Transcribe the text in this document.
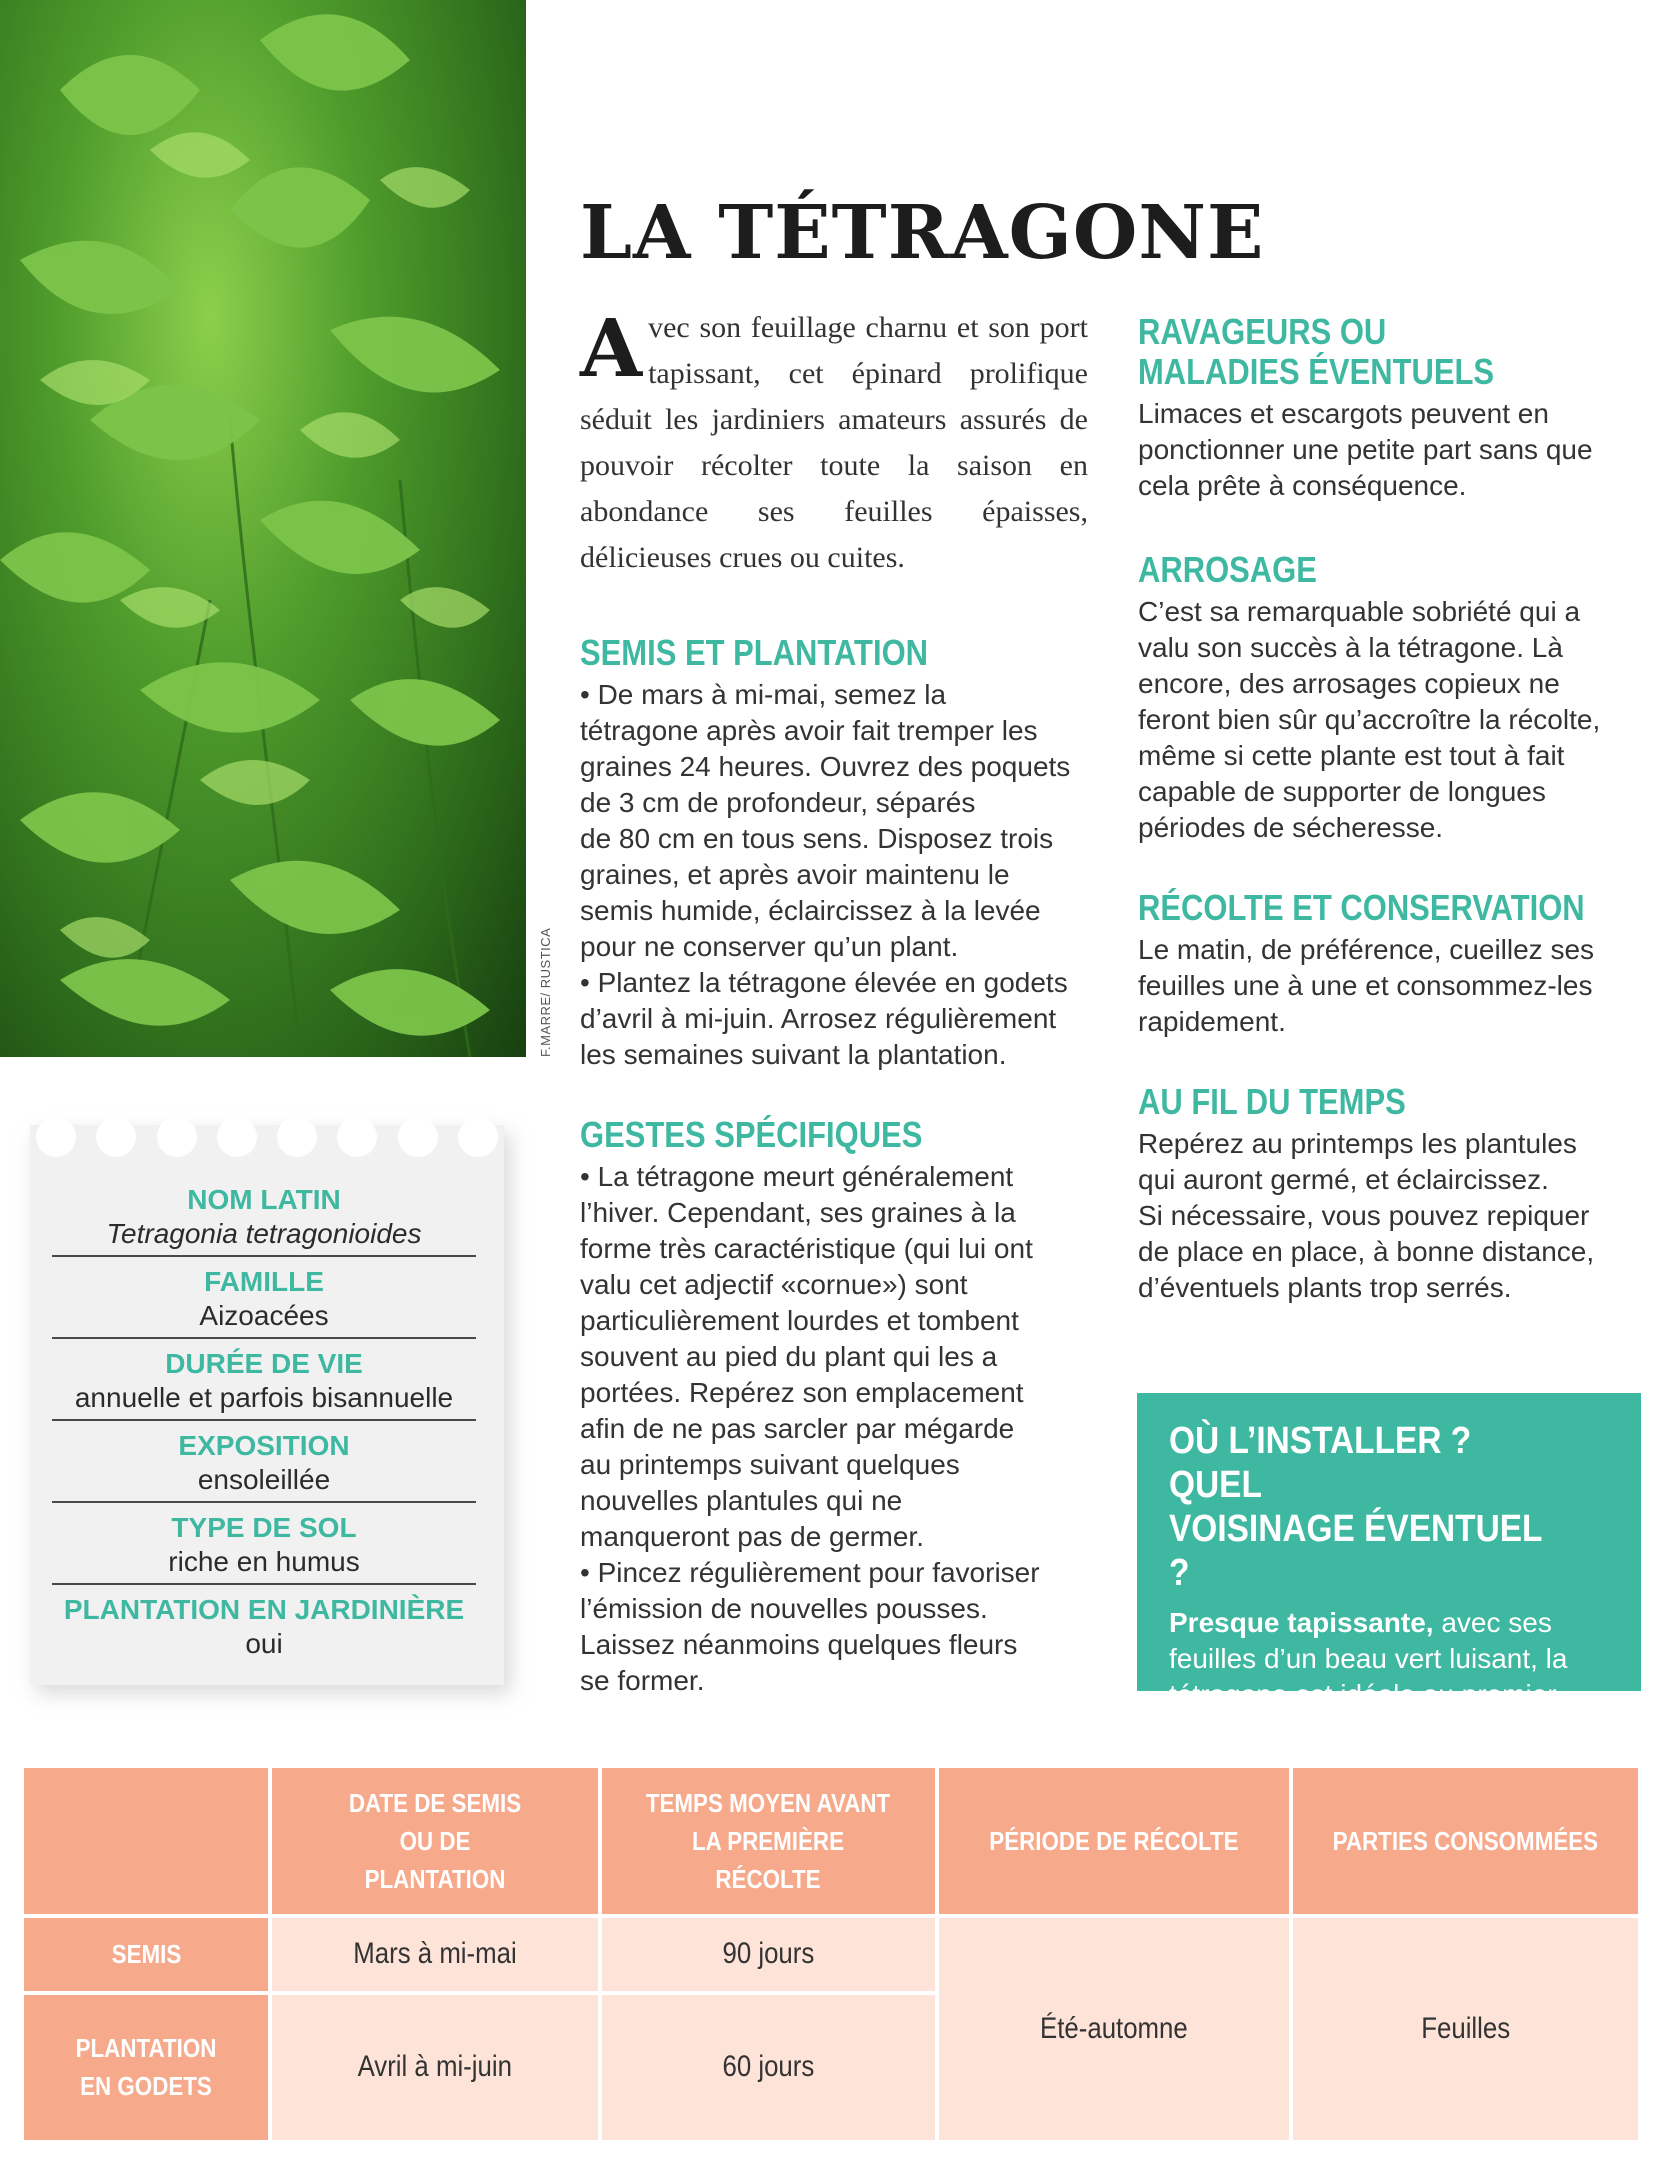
F.MARRE/ RUSTICA
LA TÉTRAGONE

Avec son feuillage charnu et son port tapissant, cet épinard prolifique séduit les jardiniers amateurs assurés de pouvoir récolter toute la saison en abondance ses feuilles épaisses, délicieuses crues ou cuites.

SEMIS ET PLANTATION

• De mars à mi-mai, semez la
tétragone après avoir fait tremper les
graines 24 heures. Ouvrez des poquets
de 3 cm de profondeur, séparés
de 80 cm en tous sens. Disposez trois
graines, et après avoir maintenu le
semis humide, éclaircissez à la levée
pour ne conserver qu’un plant.
• Plantez la tétragone élevée en godets
d’avril à mi-juin. Arrosez régulièrement
les semaines suivant la plantation.

GESTES SPÉCIFIQUES

• La tétragone meurt généralement
l’hiver. Cependant, ses graines à la
forme très caractéristique (qui lui ont
valu cet adjectif «cornue») sont
particulièrement lourdes et tombent
souvent au pied du plant qui les a
portées. Repérez son emplacement
afin de ne pas sarcler par mégarde
au printemps suivant quelques
nouvelles plantules qui ne
manqueront pas de germer.
• Pincez régulièrement pour favoriser
l’émission de nouvelles pousses.
Laissez néanmoins quelques fleurs
se former.

RAVAGEURS OU
MALADIES ÉVENTUELS

Limaces et escargots peuvent en
ponctionner une petite part sans que
cela prête à conséquence.

ARROSAGE

C’est sa remarquable sobriété qui a
valu son succès à la tétragone. Là
encore, des arrosages copieux ne
feront bien sûr qu’accroître la récolte,
même si cette plante est tout à fait
capable de supporter de longues
périodes de sécheresse.

RÉCOLTE ET CONSERVATION

Le matin, de préférence, cueillez ses
feuilles une à une et consommez-les
rapidement.

AU FIL DU TEMPS

Repérez au printemps les plantules
qui auront germé, et éclaircissez.
Si nécessaire, vous pouvez repiquer
de place en place, à bonne distance,
d’éventuels plants trop serrés.

NOM LATIN
Tetragonia tetragonioides
FAMILLE
Aizoacées
DURÉE DE VIE
annuelle et parfois bisannuelle
EXPOSITION
ensoleillée
TYPE DE SOL
riche en humus
PLANTATION EN JARDINIÈRE
oui
OÙ L’INSTALLER ? QUEL
VOISINAGE ÉVENTUEL ?

Presque tapissante, avec ses feuilles d’un beau vert luisant, la tétragone est idéale au premier plan de vos bordures.

	DATE DE SEMIS OU DE PLANTATION	TEMPS MOYEN AVANT LA PREMIÈRE RÉCOLTE	PÉRIODE DE RÉCOLTE	PARTIES CONSOMMÉES
SEMIS	Mars à mi-mai	90 jours	Été-automne	Feuilles
PLANTATION EN GODETS	Avril à mi-juin	60 jours		
